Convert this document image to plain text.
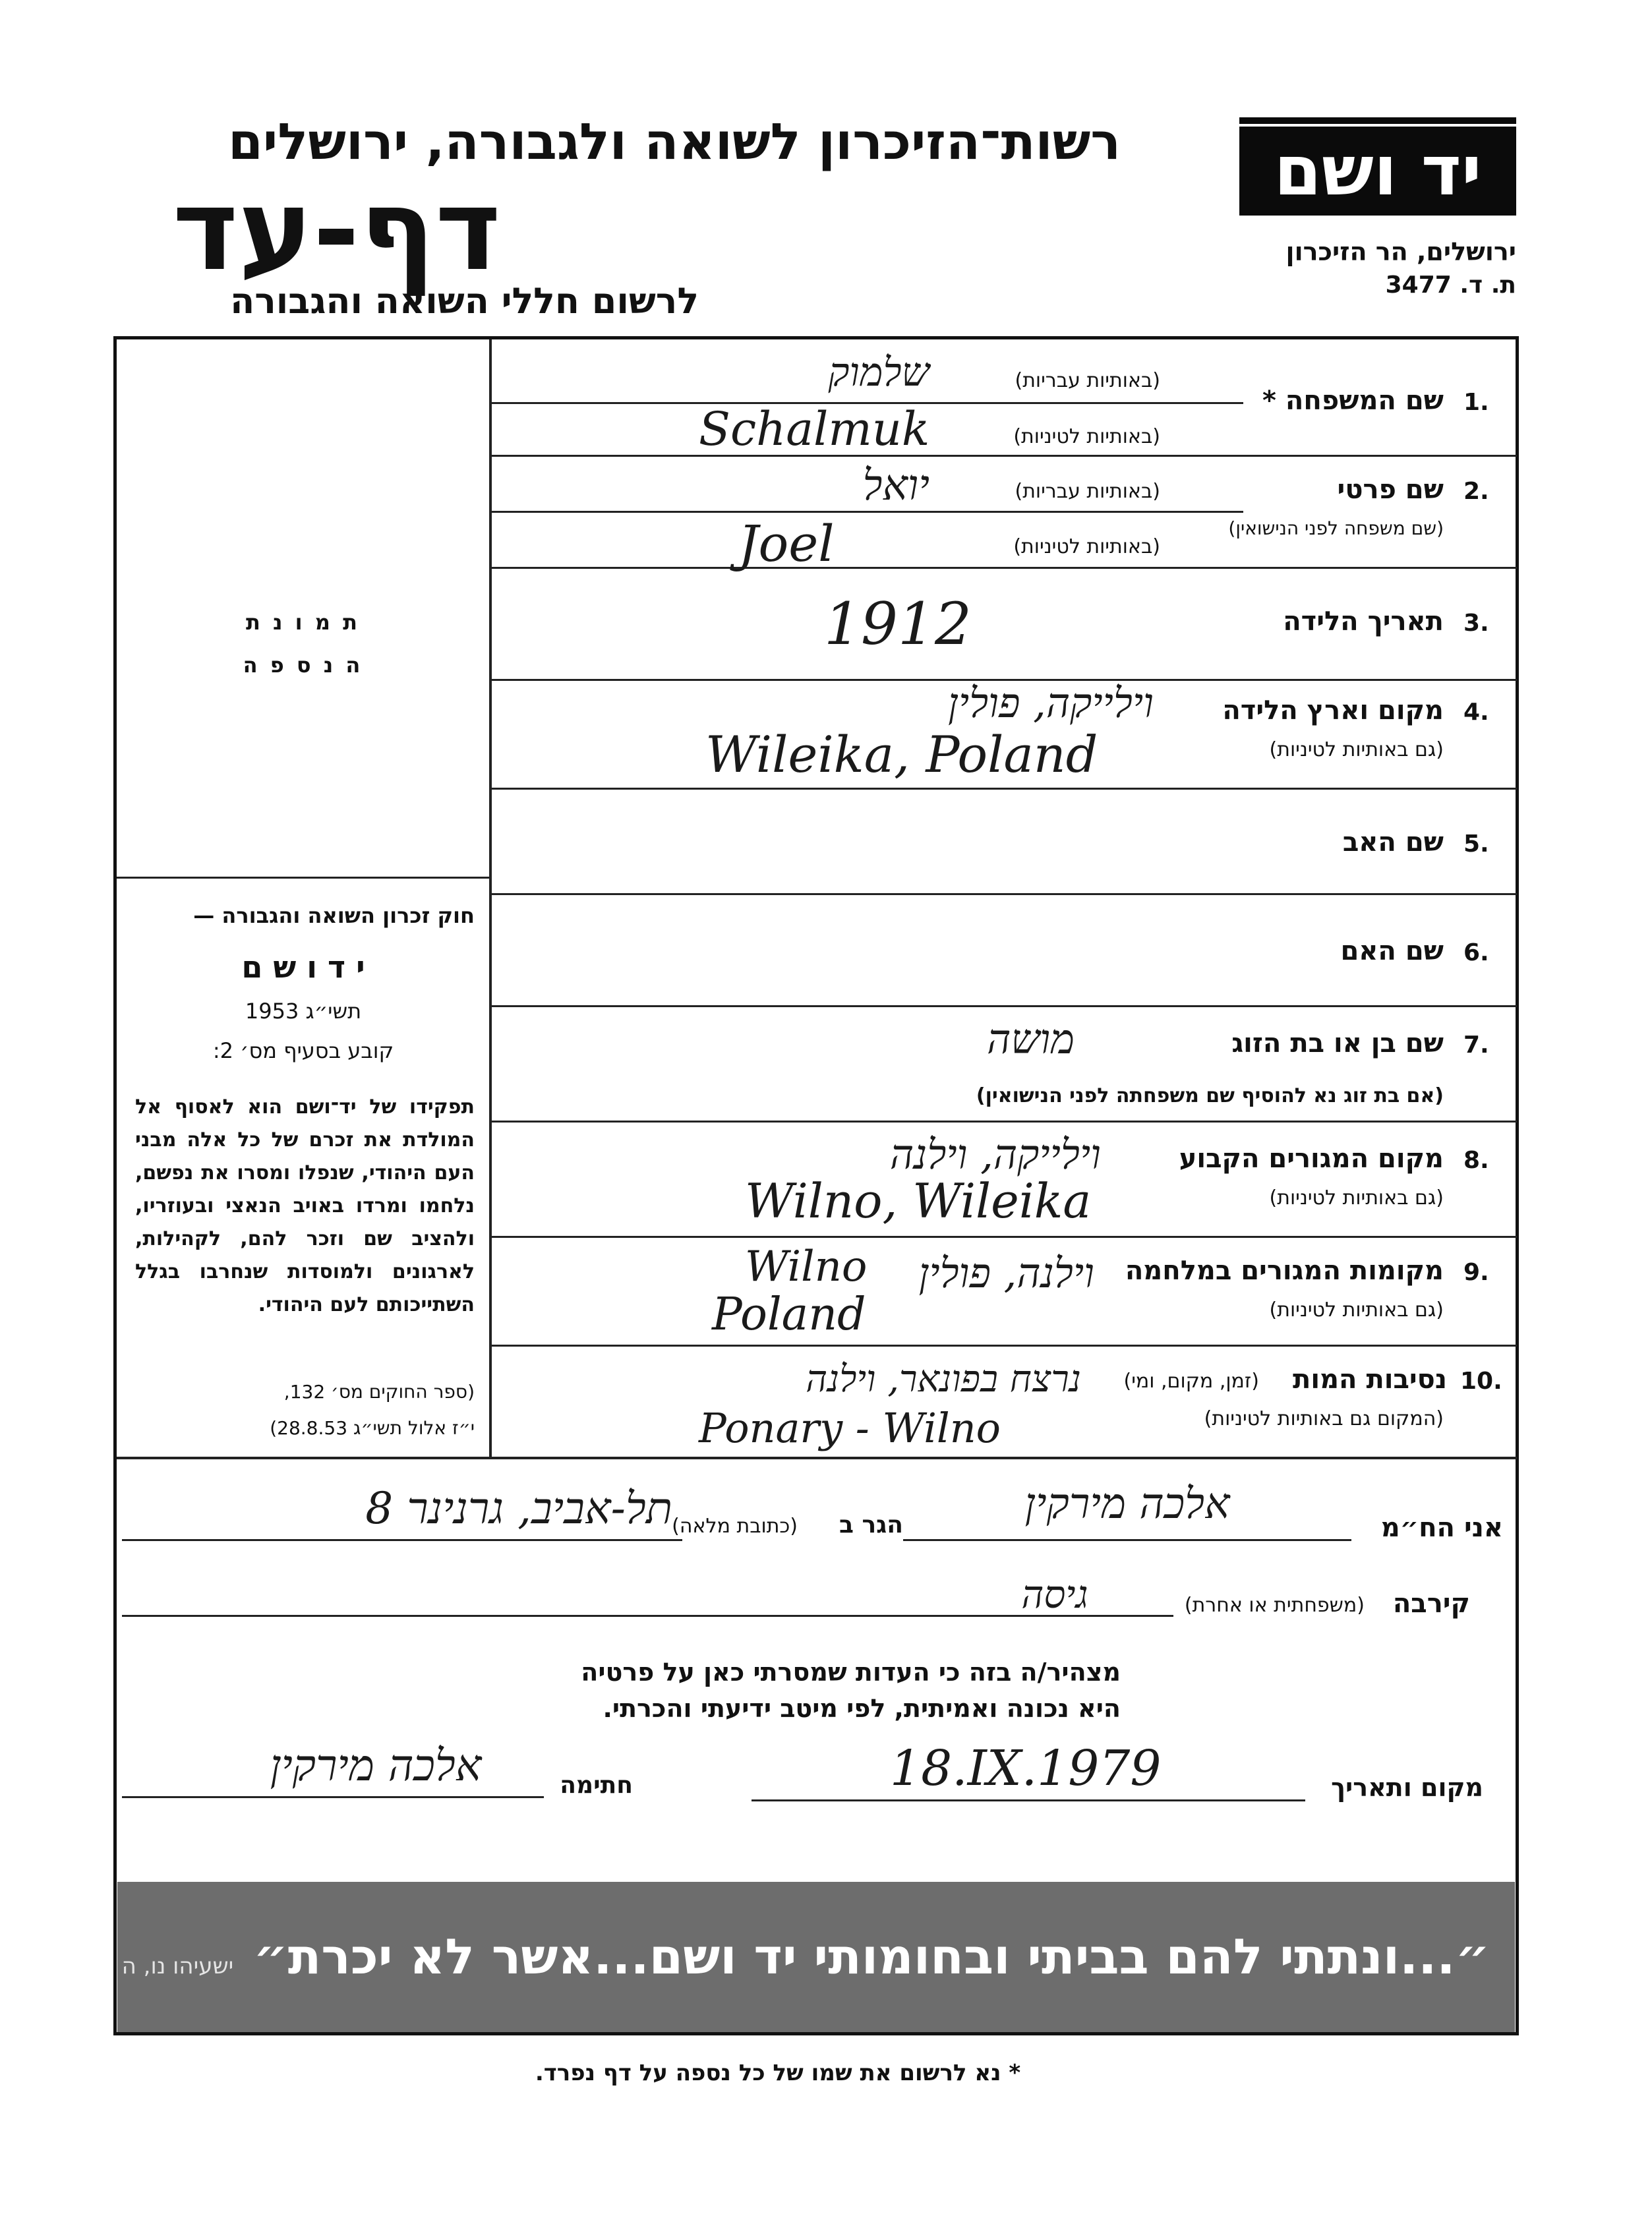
רשות־הזיכרון לשואה ולגבורה, ירושלים
דף-עד
לרשום חללי השואה והגבורה
יד ושם
ירושלים, הר הזיכרון
ת. ד. 3477
ת מ ו נ ת
ה נ ס פ ה
חוק זכרון השואה והגבורה —
י ד ו ש ם
תשי״ג 1953
קובע בסעיף מס׳ 2:
תפקידו של יד־ושם הוא לאסוף אל המולדת את זכרם של כל אלה מבני העם היהודי, שנפלו ומסרו את נפשם, נלחמו ומרדו באויב הנאצי ובעוזריו, ולהציב שם וזכר להם, לקהילות, לארגונים ולמוסדות שנחרבו בגלל השתייכותם לעם היהודי.
(ספר החוקים מס׳ 132,
י״ז אלול תשי״ג 28.8.53)
1.
שם המשפחה *
(באותיות עבריות)
(באותיות לטיניות)
שלמוק
Schalmuk
2.
שם פרטי
(שם משפחה לפני הנישואין)
(באותיות עבריות)
(באותיות לטיניות)
יואל
Joel
3.
תאריך הלידה
1912
4.
מקום וארץ הלידה
(גם באותיות לטיניות)
וילייקה, פולין
Wileika, Poland
5.
שם האב
6.
שם האם
7.
שם בן או בת הזוג
(אם בת זוג נא להוסיף שם משפחתה לפני הנישואין)
מושה
8.
מקום המגורים הקבוע
(גם באותיות לטיניות)
וילייקה, וילנה
Wilno, Wileika
9.
מקומות המגורים במלחמה
(גם באותיות לטיניות)
וילנה, פולין
Wilno
Poland
10.
נסיבות המות
(זמן, מקום, ומי)
(המקום גם באותיות לטיניות)
נרצח בפונאר, וילנה
Ponary - Wilno
אני הח״מ
אלכה מירקין
הגר ב
(כתובת מלאה)
תל-אביב, גרנינר 8
קירבה
(משפחתית או אחרת)
גיסה
מצהיר/ה בזה כי העדות שמסרתי כאן על פרטיה
היא נכונה ואמיתית, לפי מיטב ידיעתי והכרתי.
מקום ותאריך
18.IX.1979
חתימה
אלכה מירקין
״...ונתתי להם בביתי ובחומותי יד ושם...אשר לא יכרת״ישעיהו נו, ה
* נא לרשום את שמו של כל נספה על דף נפרד.
